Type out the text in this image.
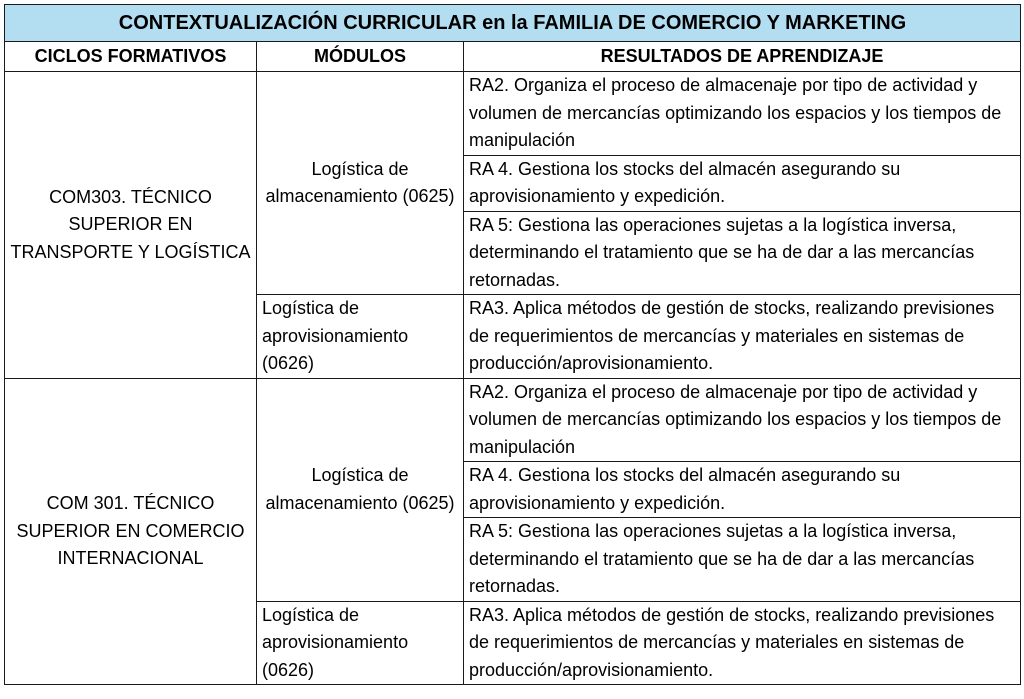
CONTEXTUALIZACIÓN CURRICULAR en la FAMILIA DE COMERCIO Y MARKETING		
CICLOS FORMATIVOS	MÓDULOS	RESULTADOS DE APRENDIZAJE
COM303. TÉCNICO SUPERIOR EN TRANSPORTE Y LOGÍSTICA	Logística de almacenamiento (0625)	RA2. Organiza el proceso de almacenaje por tipo de actividad y volumen de mercancías optimizando los espacios y los tiempos de manipulación
		RA 4. Gestiona los stocks del almacén asegurando su aprovisionamiento y expedición.
		RA 5: Gestiona las operaciones sujetas a la logística inversa, determinando el tratamiento que se ha de dar a las mercancías retornadas.
	Logística de aprovisionamiento (0626)	RA3. Aplica métodos de gestión de stocks, realizando previsiones de requerimientos de mercancías y materiales en sistemas de producción/aprovisionamiento.
COM 301. TÉCNICO SUPERIOR EN COMERCIO INTERNACIONAL	Logística de almacenamiento (0625)	RA2. Organiza el proceso de almacenaje por tipo de actividad y volumen de mercancías optimizando los espacios y los tiempos de manipulación
		RA 4. Gestiona los stocks del almacén asegurando su aprovisionamiento y expedición.
		RA 5: Gestiona las operaciones sujetas a la logística inversa, determinando el tratamiento que se ha de dar a las mercancías retornadas.
	Logística de aprovisionamiento (0626)	RA3. Aplica métodos de gestión de stocks, realizando previsiones de requerimientos de mercancías y materiales en sistemas de producción/aprovisionamiento.
